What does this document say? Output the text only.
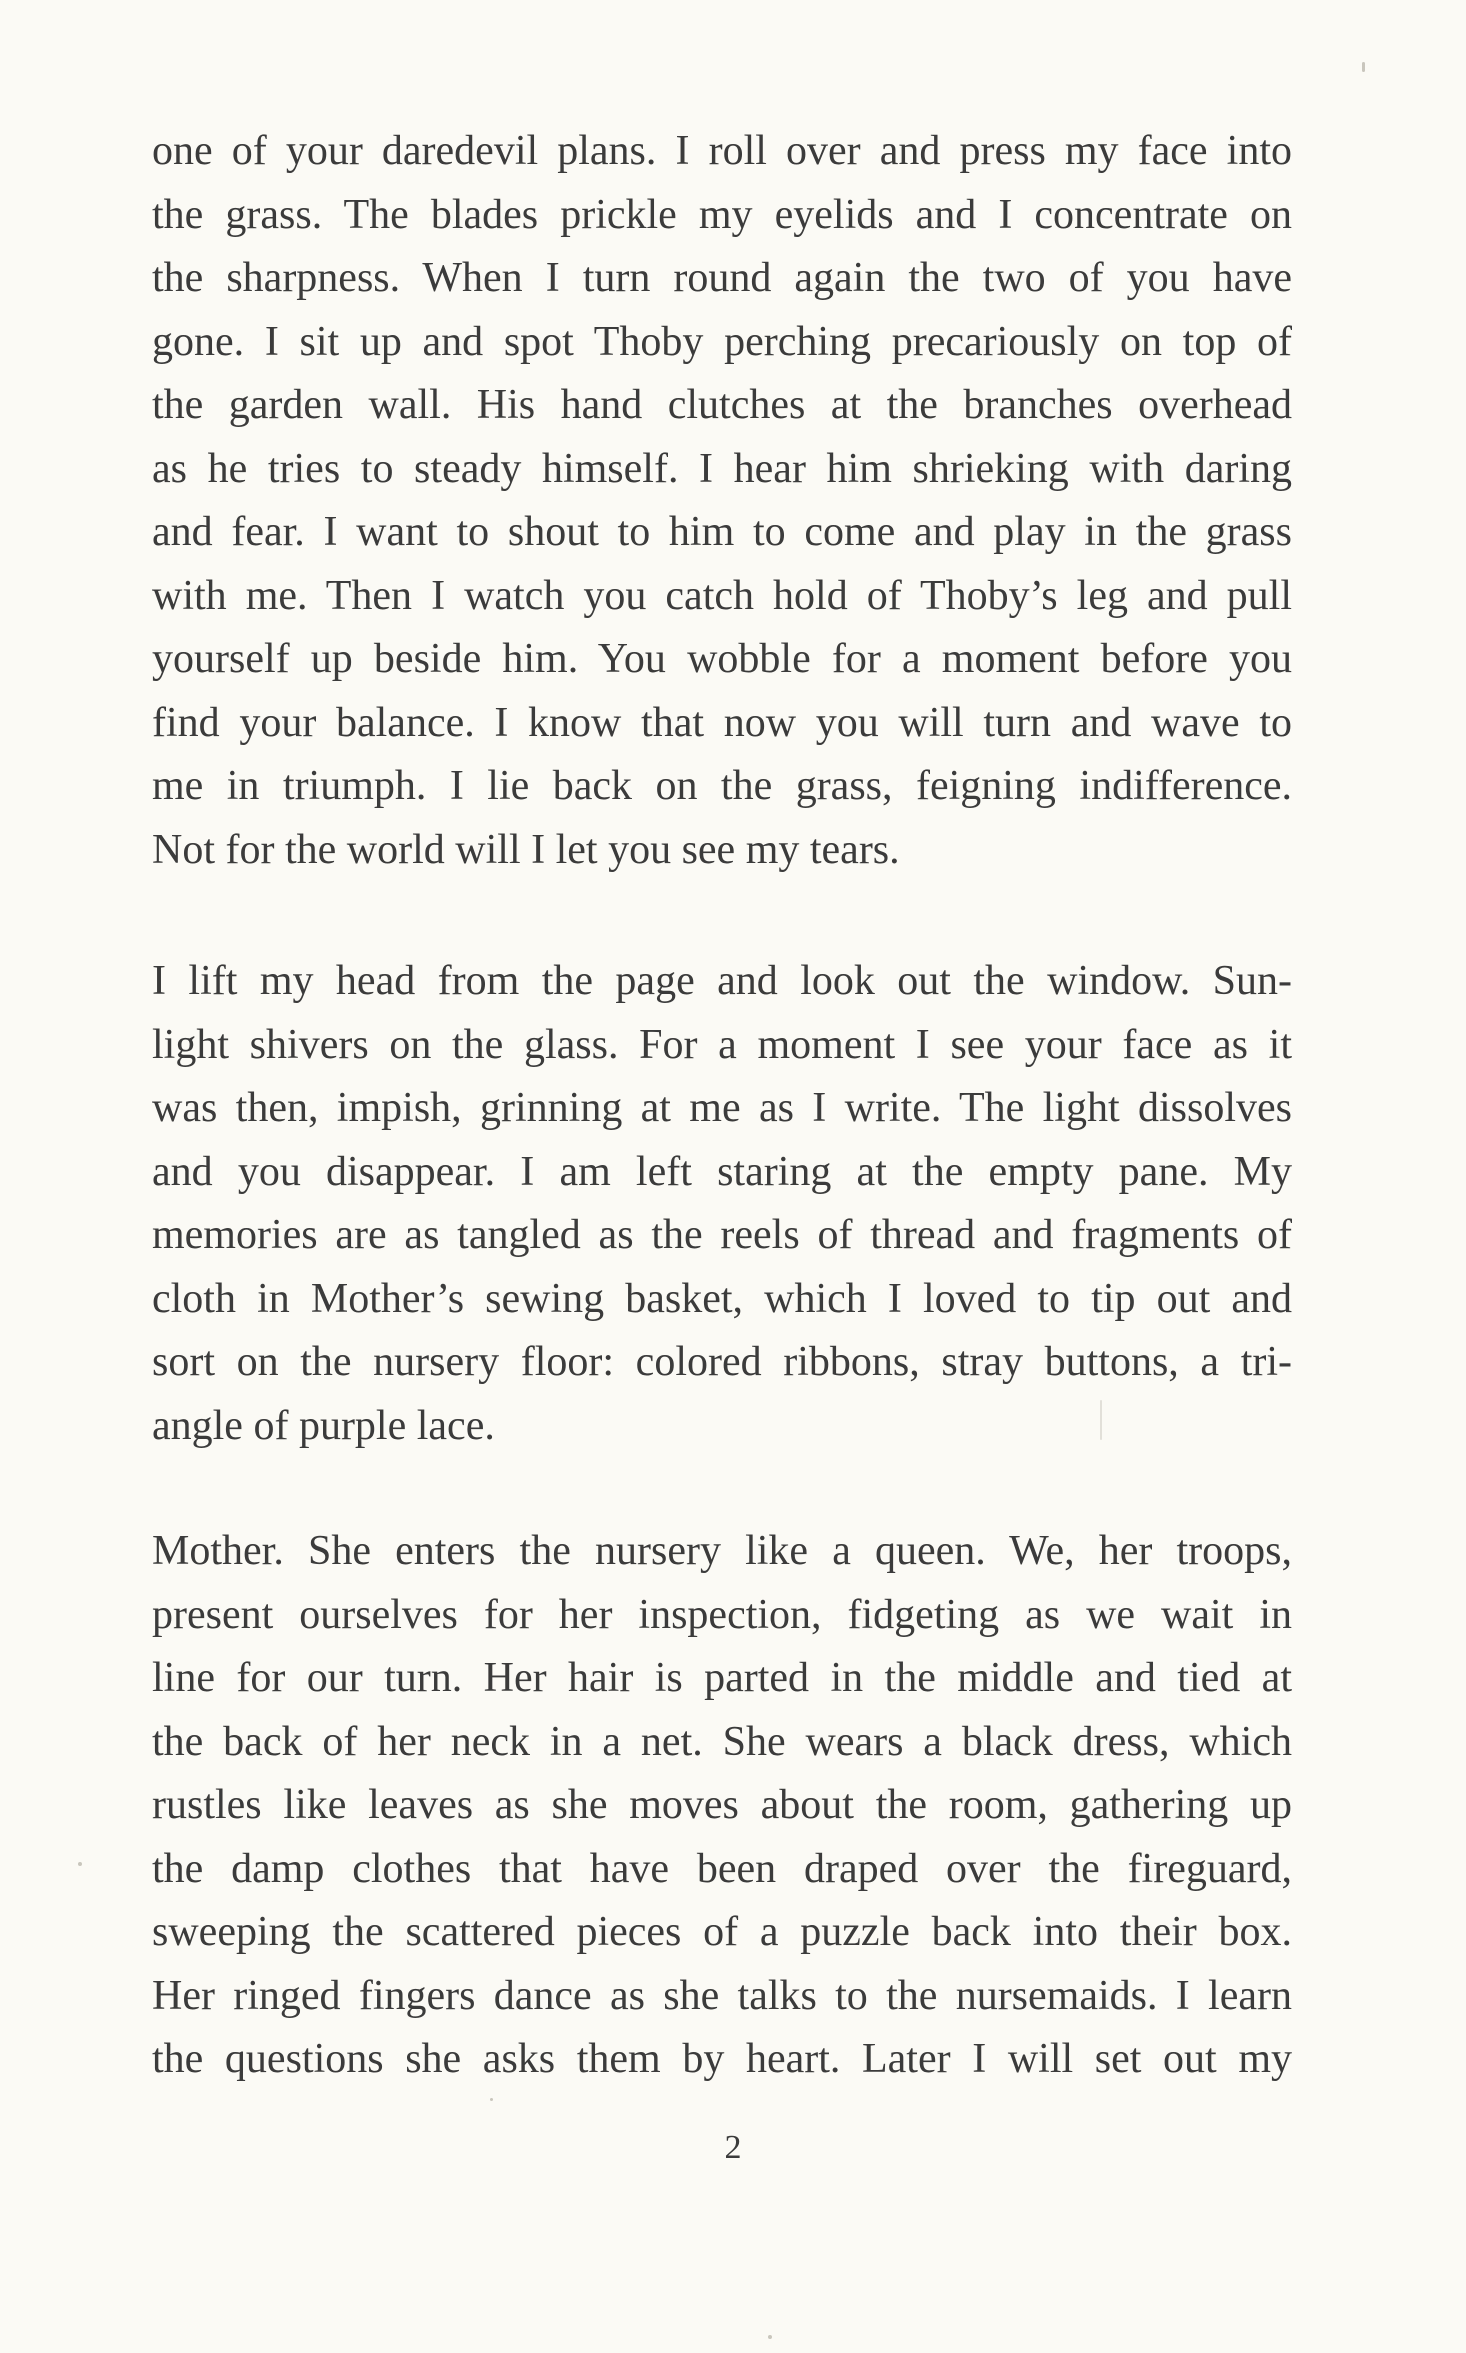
one of your daredevil plans. I roll over and press my face into
the grass. The blades prickle my eyelids and I concentrate on
the sharpness. When I turn round again the two of you have
gone. I sit up and spot Thoby perching precariously on top of
the garden wall. His hand clutches at the branches overhead
as he tries to steady himself. I hear him shrieking with daring
and fear. I want to shout to him to come and play in the grass
with me. Then I watch you catch hold of Thoby’s leg and pull
yourself up beside him. You wobble for a moment before you
find your balance. I know that now you will turn and wave to
me in triumph. I lie back on the grass, feigning indifference.
Not for the world will I let you see my tears.
I lift my head from the page and look out the window. Sun-
light shivers on the glass. For a moment I see your face as it
was then, impish, grinning at me as I write. The light dissolves
and you disappear. I am left staring at the empty pane. My
memories are as tangled as the reels of thread and fragments of
cloth in Mother’s sewing basket, which I loved to tip out and
sort on the nursery floor: colored ribbons, stray buttons, a tri-
angle of purple lace.
Mother. She enters the nursery like a queen. We, her troops,
present ourselves for her inspection, fidgeting as we wait in
line for our turn. Her hair is parted in the middle and tied at
the back of her neck in a net. She wears a black dress, which
rustles like leaves as she moves about the room, gathering up
the damp clothes that have been draped over the fireguard,
sweeping the scattered pieces of a puzzle back into their box.
Her ringed fingers dance as she talks to the nursemaids. I learn
the questions she asks them by heart. Later I will set out my
2
